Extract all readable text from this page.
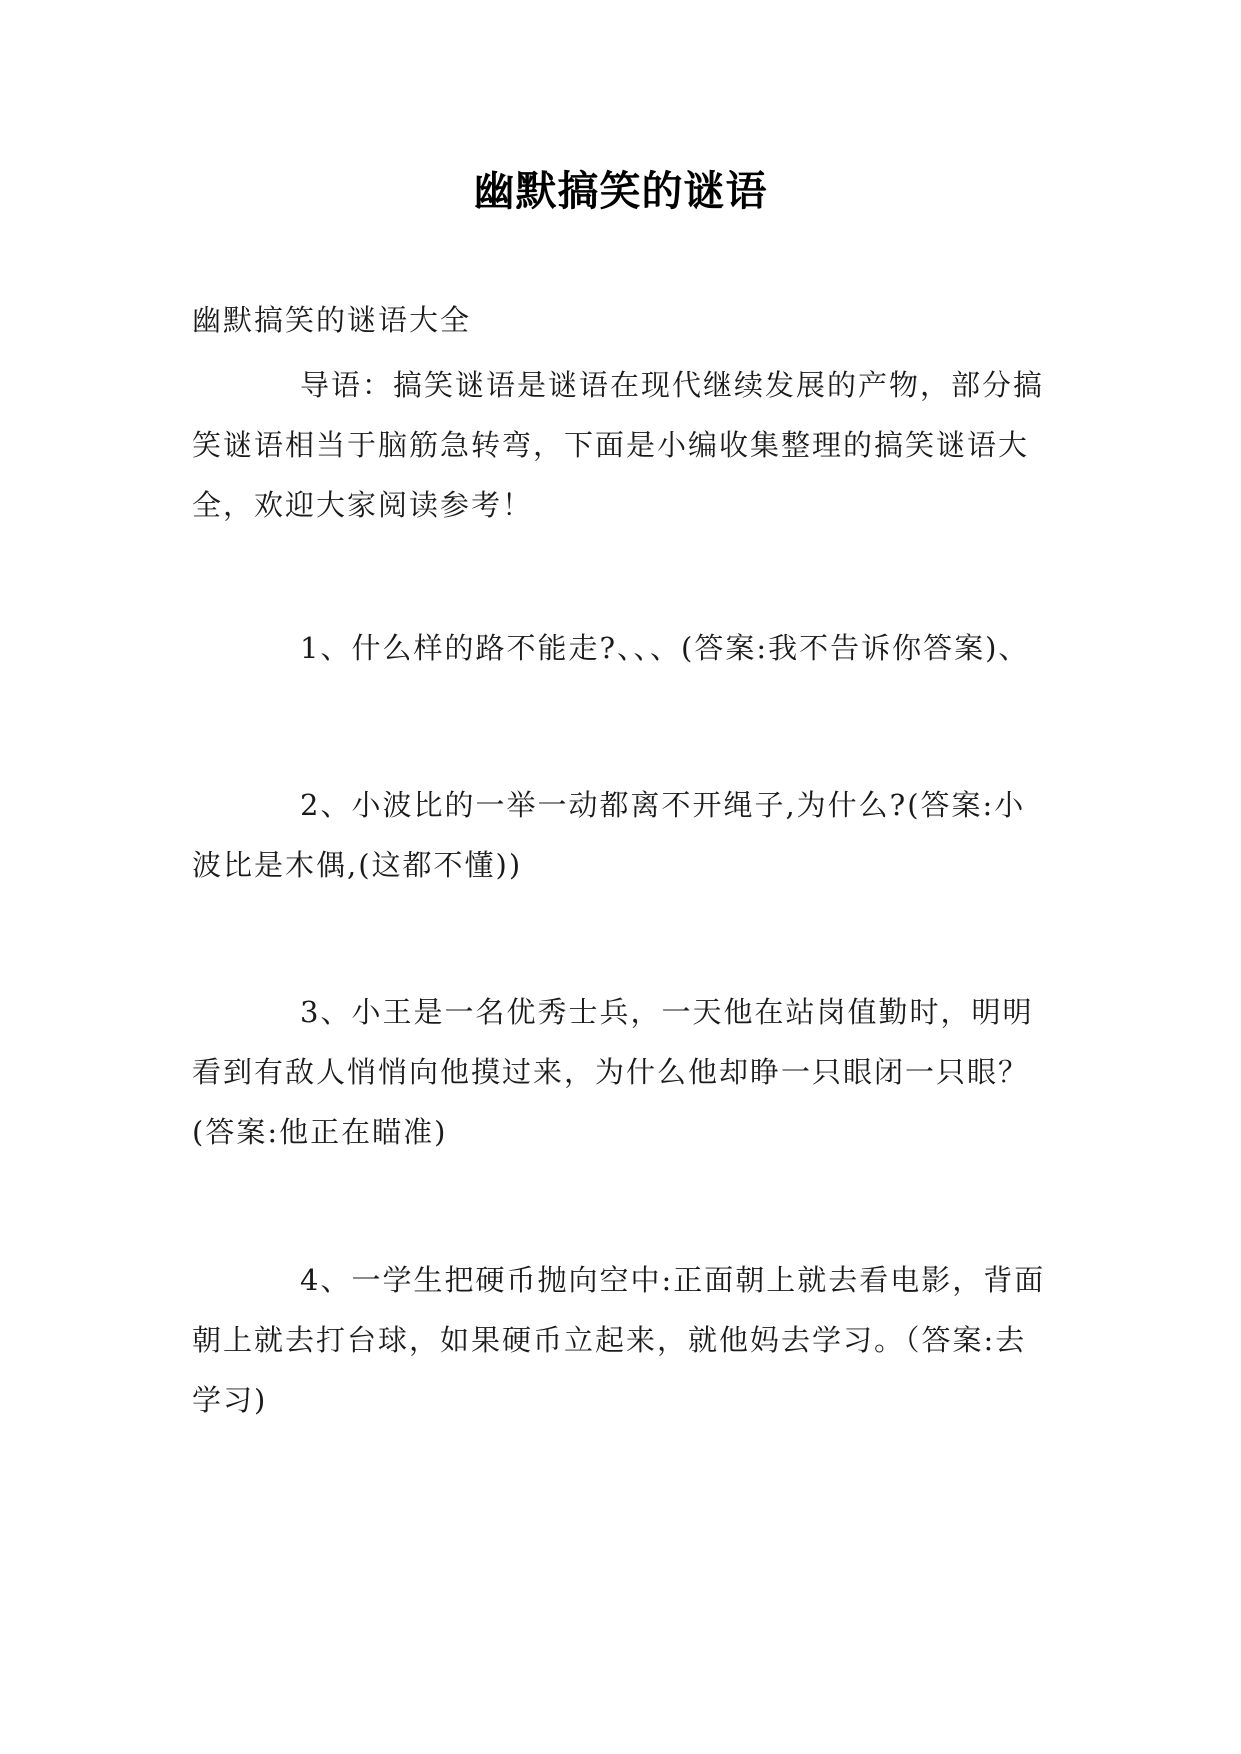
幽默搞笑的谜语
幽默搞笑的谜语大全

导语：搞笑谜语是谜语在现代继续发展的产物，部分搞笑谜语相当于脑筋急转弯，下面是小编收集整理的搞笑谜语大全，欢迎大家阅读参考！

1、什么样的路不能走?、、、(答案:我不告诉你答案)、

2、小波比的一举一动都离不开绳子,为什么?(答案:小波比是木偶,(这都不懂))

3、小王是一名优秀士兵，一天他在站岗值勤时，明明看到有敌人悄悄向他摸过来，为什么他却睁一只眼闭一只眼？(答案:他正在瞄准)

4、一学生把硬币抛向空中:正面朝上就去看电影，背面朝上就去打台球，如果硬币立起来，就他妈去学习。（答案:去学习)
